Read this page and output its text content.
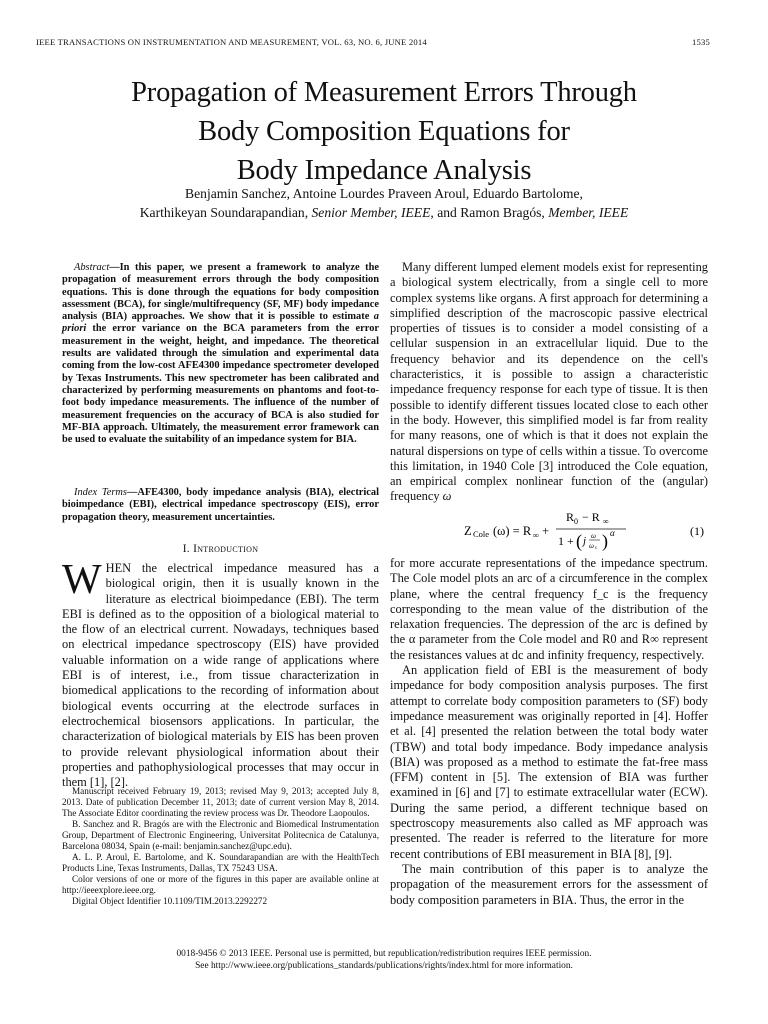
IEEE TRANSACTIONS ON INSTRUMENTATION AND MEASUREMENT, VOL. 63, NO. 6, JUNE 2014	1535
Propagation of Measurement Errors Through
Body Composition Equations for
Body Impedance Analysis
Benjamin Sanchez, Antoine Lourdes Praveen Aroul, Eduardo Bartolome,
Karthikeyan Soundarapandian, Senior Member, IEEE, and Ramon Bragós, Member, IEEE

Abstract—In this paper, we present a framework to analyze the propagation of measurement errors through the body composition equations. This is done through the equations for body composition assessment (BCA), for single/multifrequency (SF, MF) body impedance analysis (BIA) approaches. We show that it is possible to estimate a priori the error variance on the BCA parameters from the error measurement in the weight, height, and impedance. The theoretical results are validated through the simulation and experimental data coming from the low-cost AFE4300 impedance spectrometer developed by Texas Instruments. This new spectrometer has been calibrated and characterized by performing measurements on phantoms and foot-to-foot body impedance measurements. The influence of the number of measurement frequencies on the accuracy of BCA is also studied for MF-BIA approach. Ultimately, the measurement error framework can be used to evaluate the suitability of an impedance system for BIA.

Index Terms—AFE4300, body impedance analysis (BIA), electrical bioimpedance (EBI), electrical impedance spectroscopy (EIS), error propagation theory, measurement uncertainties.

I. Introduction
WHEN the electrical impedance measured has a biological origin, then it is usually known in the literature as electrical bioimpedance (EBI). The term EBI is defined as to the opposition of a biological material to the flow of an electrical current. Nowadays, techniques based on electrical impedance spectroscopy (EIS) have provided valuable information on a wide range of applications where EBI is of interest, i.e., from tissue characterization in biomedical applications to the recording of information about biological events occurring at the electrode surfaces in electrochemical biosensors applications. In particular, the characterization of biological materials by EIS has been proven to provide relevant physiological information about their properties and pathophysiological processes that may occur in them [1], [2].

Manuscript received February 19, 2013; revised May 9, 2013; accepted July 8, 2013. Date of publication December 11, 2013; date of current version May 8, 2014. The Associate Editor coordinating the review process was Dr. Theodore Laopoulos.

B. Sanchez and R. Bragós are with the Electronic and Biomedical Instrumentation Group, Department of Electronic Engineering, Universitat Politecnica de Catalunya, Barcelona 08034, Spain (e-mail: benjamin.sanchez@upc.edu).

A. L. P. Aroul, E. Bartolome, and K. Soundarapandian are with the HealthTech Products Line, Texas Instruments, Dallas, TX 75243 USA.

Color versions of one or more of the figures in this paper are available online at http://ieeexplore.ieee.org.

Digital Object Identifier 10.1109/TIM.2013.2292272

Many different lumped element models exist for representing a biological system electrically, from a single cell to more complex systems like organs. A first approach for determining a simplified description of the macroscopic passive electrical properties of tissues is to consider a model consisting of a cellular suspension in an extracellular liquid. Due to the frequency behavior and its dependence on the cell's characteristics, it is possible to assign a characteristic impedance frequency response for each type of tissue. It is then possible to identify different tissues located close to each other in the body. However, this simplified model is far from reality for many reasons, one of which is that it does not explain the natural dispersions on type of cells within a tissue. To overcome this limitation, in 1940 Cole [3] introduced the Cole equation, an empirical complex nonlinear function of the (angular) frequency ω

Z Cole (ω) = R ∞ +
R 0 − R ∞
1 + ( j ω
ω c ) α	(1)

for more accurate representations of the impedance spectrum. The Cole model plots an arc of a circumference in the complex plane, where the central frequency f_c is the frequency corresponding to the mean value of the distribution of the relaxation frequencies. The depression of the arc is defined by the α parameter from the Cole model and R0 and R∞ represent the resistances values at dc and infinity frequency, respectively.

An application field of EBI is the measurement of body impedance for body composition analysis purposes. The first attempt to correlate body composition parameters to (SF) body impedance measurement was originally reported in [4]. Hoffer et al. [4] presented the relation between the total body water (TBW) and total body impedance. Body impedance analysis (BIA) was proposed as a method to estimate the fat-free mass (FFM) content in [5]. The extension of BIA was further examined in [6] and [7] to estimate extracellular water (ECW). During the same period, a different technique based on spectroscopy measurements also called as MF approach was presented. The reader is referred to the literature for more recent contributions of EBI measurement in BIA [8], [9].

The main contribution of this paper is to analyze the propagation of the measurement errors for the assessment of body composition parameters in BIA. Thus, the error in the

0018-9456 © 2013 IEEE. Personal use is permitted, but republication/redistribution requires IEEE permission.
See http://www.ieee.org/publications_standards/publications/rights/index.html for more information.
